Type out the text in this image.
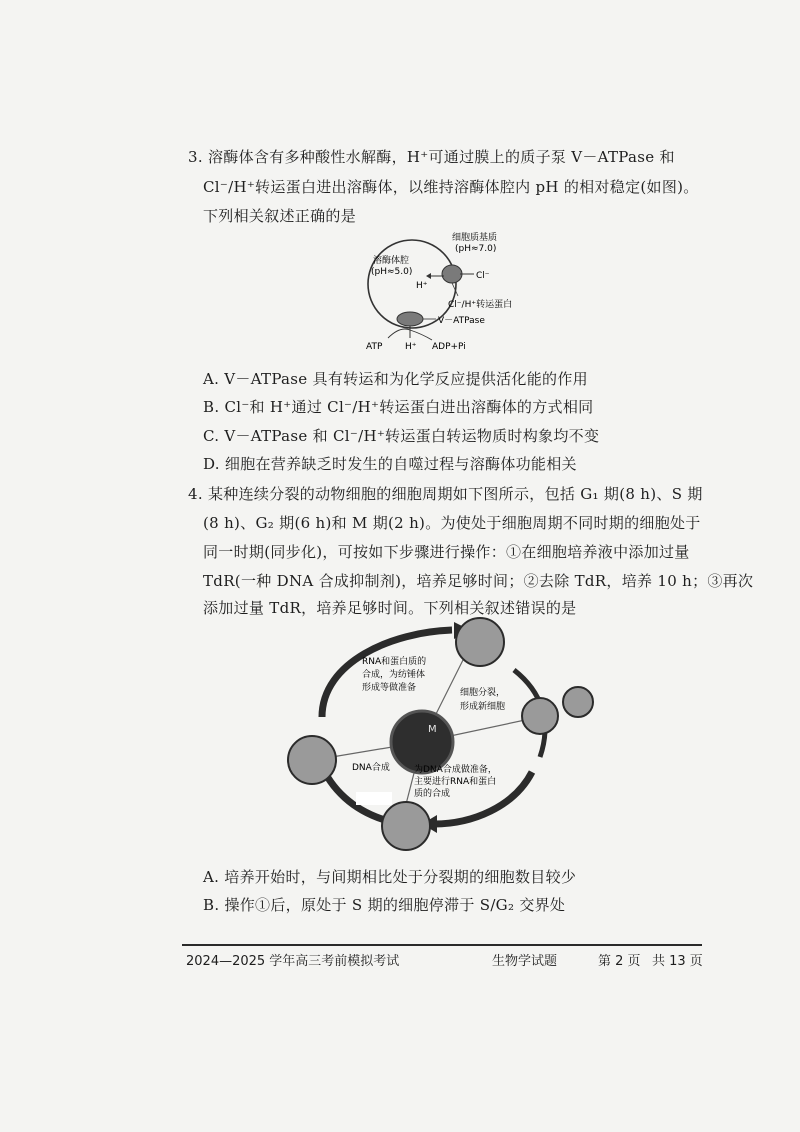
3. 溶酶体含有多种酸性水解酶，H⁺可通过膜上的质子泵 V－ATPase 和
Cl⁻/H⁺转运蛋白进出溶酶体，以维持溶酶体腔内 pH 的相对稳定(如图)。
下列相关叙述正确的是
细胞质基质
(pH≈7.0)
溶酶体腔
(pH≈5.0)
H⁺
Cl⁻
Cl⁻/H⁺转运蛋白
V－ATPase
ATP	H⁺ ADP+Pi
A. V－ATPase 具有转运和为化学反应提供活化能的作用
B. Cl⁻和 H⁺通过 Cl⁻/H⁺转运蛋白进出溶酶体的方式相同
C. V－ATPase 和 Cl⁻/H⁺转运蛋白转运物质时构象均不变
D. 细胞在营养缺乏时发生的自噬过程与溶酶体功能相关
4. 某种连续分裂的动物细胞的细胞周期如下图所示，包括 G₁ 期(8 h)、S 期
(8 h)、G₂ 期(6 h)和 M 期(2 h)。为使处于细胞周期不同时期的细胞处于
同一时期(同步化)，可按如下步骤进行操作：①在细胞培养液中添加过量
TdR(一种 DNA 合成抑制剂)，培养足够时间；②去除 TdR，培养 10 h；③再次
添加过量 TdR，培养足够时间。下列相关叙述错误的是
M
RNA和蛋白质的
合成，为纺锤体
形成等做准备	细胞分裂，
形成新细胞
DNA合成	为DNA合成做准备，
主要进行RNA和蛋白
质的合成
A. 培养开始时，与间期相比处于分裂期的细胞数目较少
B. 操作①后，原处于 S 期的细胞停滞于 S/G₂ 交界处
2024—2025 学年高三考前模拟考试	生物学试题	第 2 页 共 13 页
